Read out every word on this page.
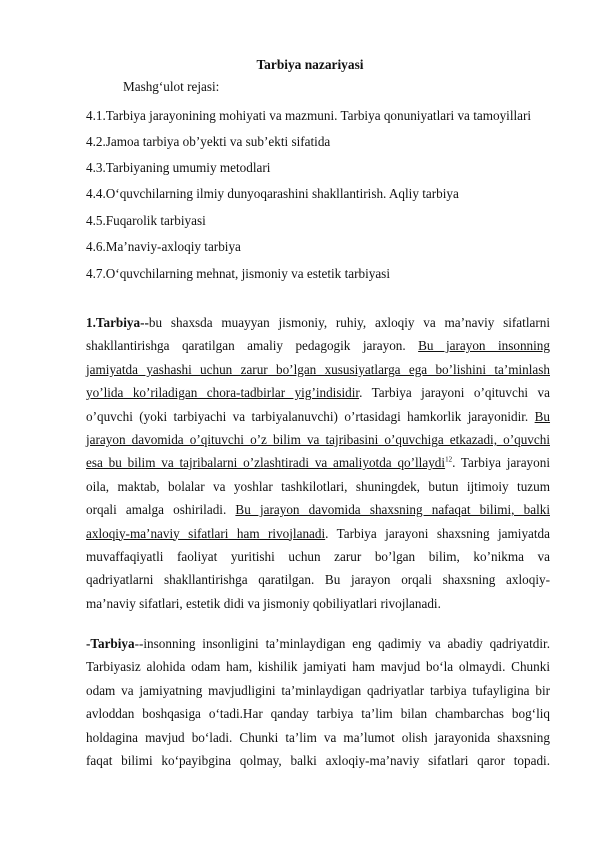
Tarbiya nazariyasi
Mashg‘ulot rejasi:
4.1.Tarbiya jarayonining mohiyati va mazmuni. Tarbiya qonuniyatlari va tamoyillari
4.2.Jamoa tarbiya ob’yekti va sub’ekti sifatida
4.3.Tarbiyaning umumiy metodlari
4.4.O‘quvchilarning ilmiy dunyoqarashini shakllantirish. Aqliy tarbiya
4.5.Fuqarolik tarbiyasi
4.6.Ma’naviy-axloqiy tarbiya
4.7.O‘quvchilarning mehnat, jismoniy va estetik tarbiyasi
1.Tarbiya--bu shaxsda muayyan jismoniy, ruhiy, axloqiy va ma’naviy sifatlarni
shakllantirishga qaratilgan amaliy pedagogik jarayon. Bu jarayon insonning
jamiyatda yashashi uchun zarur bo’lgan xususiyatlarga ega bo’lishini ta’minlash
yo’lida ko’riladigan chora-tadbirlar yig’indisidir. Tarbiya jarayoni o’qituvchi va
o’quvchi (yoki tarbiyachi va tarbiyalanuvchi) o’rtasidagi hamkorlik jarayonidir. Bu
jarayon davomida o’qituvchi o’z bilim va tajribasini o’quvchiga etkazadi, o’quvchi
esa bu bilim va tajribalarni o’zlashtiradi va amaliyotda qo’llaydi$^{12}$. Tarbiya jarayoni
oila, maktab, bolalar va yoshlar tashkilotlari, shuningdek, butun ijtimoiy tuzum
orqali amalga oshiriladi. Bu jarayon davomida shaxsning nafaqat bilimi, balki
axloqiy-ma’naviy sifatlari ham rivojlanadi. Tarbiya jarayoni shaxsning jamiyatda
muvaffaqiyatli faoliyat yuritishi uchun zarur bo’lgan bilim, ko’nikma va
qadriyatlarni shakllantirishga qaratilgan. Bu jarayon orqali shaxsning axloqiy-
ma’naviy sifatlari, estetik didi va jismoniy qobiliyatlari rivojlanadi.
-Tarbiya--insonning insonligini ta’minlaydigan eng qadimiy va abadiy qadriyatdir.
Tarbiyasiz alohida odam ham, kishilik jamiyati ham mavjud bo‘la olmaydi. Chunki
odam va jamiyatning mavjudligini ta’minlaydigan qadriyatlar tarbiya tufayligina bir
avloddan boshqasiga o‘tadi.Har qanday tarbiya ta’lim bilan chambarchas bog‘liq
holdagina mavjud bo‘ladi. Chunki ta’lim va ma’lumot olish jarayonida shaxsning
faqat bilimi ko‘payibgina qolmay, balki axloqiy-ma’naviy sifatlari qaror topadi.
